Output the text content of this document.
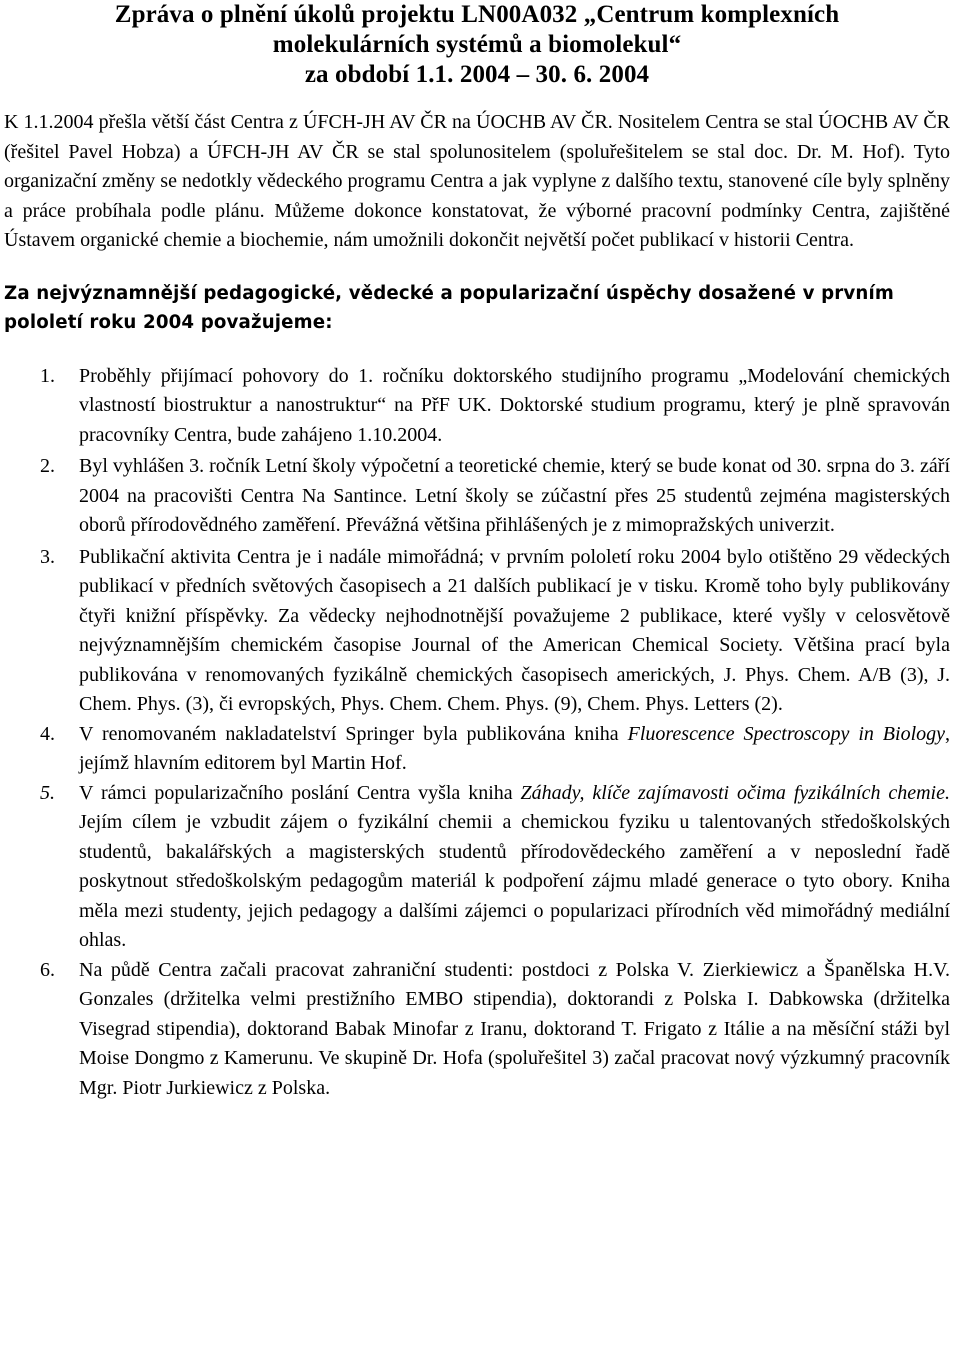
Zpráva o plnění úkolů projektu LN00A032 „Centrum komplexních
molekulárních systémů a biomolekul“
za období 1.1. 2004 – 30. 6. 2004

K 1.1.2004 přešla větší část Centra z ÚFCH-JH AV ČR na ÚOCHB AV ČR. Nositelem Centra se stal ÚOCHB AV ČR (řešitel Pavel Hobza) a ÚFCH-JH AV ČR se stal spolunositelem (spoluřešitelem se stal doc. Dr. M. Hof). Tyto organizační změny se nedotkly vědeckého programu Centra a jak vyplyne z dalšího textu, stanovené cíle byly splněny a práce probíhala podle plánu. Můžeme dokonce konstatovat, že výborné pracovní podmínky Centra, zajištěné Ústavem organické chemie a biochemie, nám umožnili dokončit největší počet publikací v historii Centra.

Za nejvýznamnější pedagogické, vědecké a popularizační úspěchy dosažené v prvním pololetí roku 2004 považujeme:

1. Proběhly přijímací pohovory do 1. ročníku doktorského studijního programu „Modelování chemických vlastností biostruktur a nanostruktur“ na PřF UK. Doktorské studium programu, který je plně spravován pracovníky Centra, bude zahájeno 1.10.2004.
2. Byl vyhlášen 3. ročník Letní školy výpočetní a teoretické chemie, který se bude konat od 30. srpna do 3. září 2004 na pracovišti Centra Na Santince. Letní školy se zúčastní přes 25 studentů zejména magisterských oborů přírodovědného zaměření. Převážná většina přihlášených je z mimopražských univerzit.
3. Publikační aktivita Centra je i nadále mimořádná; v prvním pololetí roku 2004 bylo otištěno 29 vědeckých publikací v předních světových časopisech a 21 dalších publikací je v tisku. Kromě toho byly publikovány čtyři knižní příspěvky. Za vědecky nejhodnotnější považujeme 2 publikace, které vyšly v celosvětově nejvýznamnějším chemickém časopise Journal of the American Chemical Society. Většina prací byla publikována v renomovaných fyzikálně chemických časopisech amerických, J. Phys. Chem. A/B (3), J. Chem. Phys. (3), či evropských, Phys. Chem. Chem. Phys. (9), Chem. Phys. Letters (2).
4. V renomovaném nakladatelství Springer byla publikována kniha Fluorescence Spectroscopy in Biology, jejímž hlavním editorem byl Martin Hof.
5. V rámci popularizačního poslání Centra vyšla kniha Záhady, klíče zajímavosti očima fyzikálních chemie. Jejím cílem je vzbudit zájem o fyzikální chemii a chemickou fyziku u talentovaných středoškolských studentů, bakalářských a magisterských studentů přírodovědeckého zaměření a v neposlední řadě poskytnout středoškolským pedagogům materiál k podpoření zájmu mladé generace o tyto obory. Kniha měla mezi studenty, jejich pedagogy a dalšími zájemci o popularizaci přírodních věd mimořádný mediální ohlas.
6. Na půdě Centra začali pracovat zahraniční studenti: postdoci z Polska V. Zierkiewicz a Španělska H.V. Gonzales (držitelka velmi prestižního EMBO stipendia), doktorandi z Polska I. Dabkowska (držitelka Visegrad stipendia), doktorand Babak Minofar z Iranu, doktorand T. Frigato z Itálie a na měsíční stáži byl Moise Dongmo z Kamerunu. Ve skupině Dr. Hofa (spoluřešitel 3) začal pracovat nový výzkumný pracovník Mgr. Piotr Jurkiewicz z Polska.
